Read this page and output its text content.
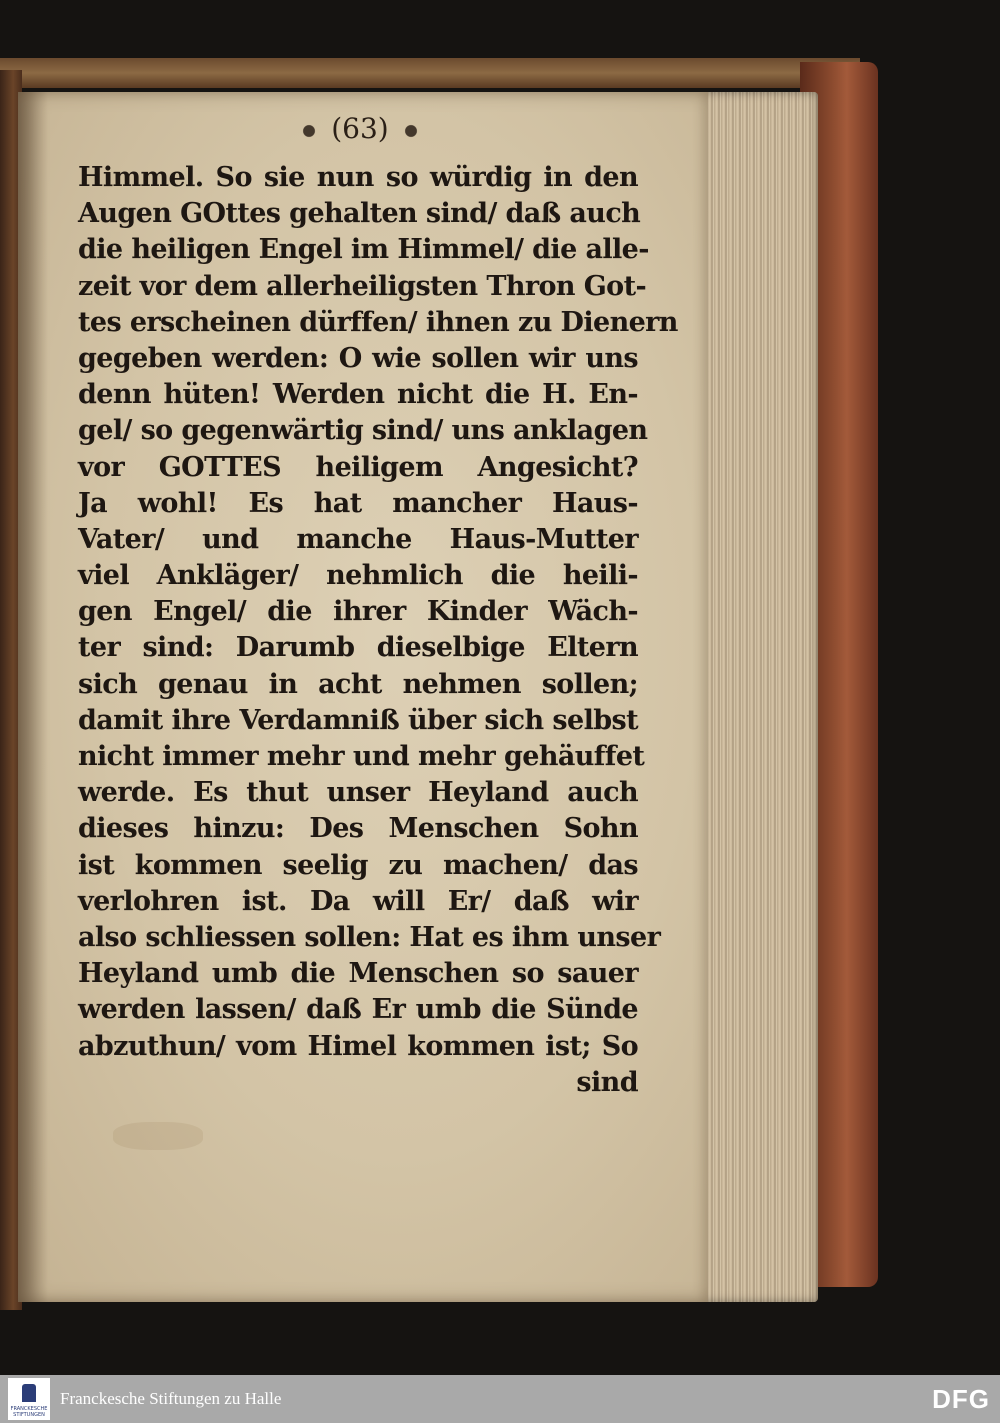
(63)
Himmel. So sie nun so würdig in den
Augen GOttes gehalten sind/ daß auch
die heiligen Engel im Himmel/ die alle-
zeit vor dem allerheiligsten Thron Got-
tes erscheinen dürffen/ ihnen zu Dienern
gegeben werden: O wie sollen wir uns
denn hüten! Werden nicht die H. En-
gel/ so gegenwärtig sind/ uns anklagen
vor GOTTES heiligem Angesicht?
Ja wohl! Es hat mancher Haus-
Vater/ und manche Haus-Mutter
viel Ankläger/ nehmlich die heili-
gen Engel/ die ihrer Kinder Wäch-
ter sind: Darumb dieselbige Eltern
sich genau in acht nehmen sollen;
damit ihre Verdamniß über sich selbst
nicht immer mehr und mehr gehäuffet
werde. Es thut unser Heyland auch
dieses hinzu: Des Menschen Sohn
ist kommen seelig zu machen/ das
verlohren ist. Da will Er/ daß wir
also schliessen sollen: Hat es ihm unser
Heyland umb die Menschen so sauer
werden lassen/ daß Er umb die Sünde
abzuthun/ vom Himel kommen ist; So
sind
FRANCKESCHE STIFTUNGEN
Franckesche Stiftungen zu Halle	DFG
